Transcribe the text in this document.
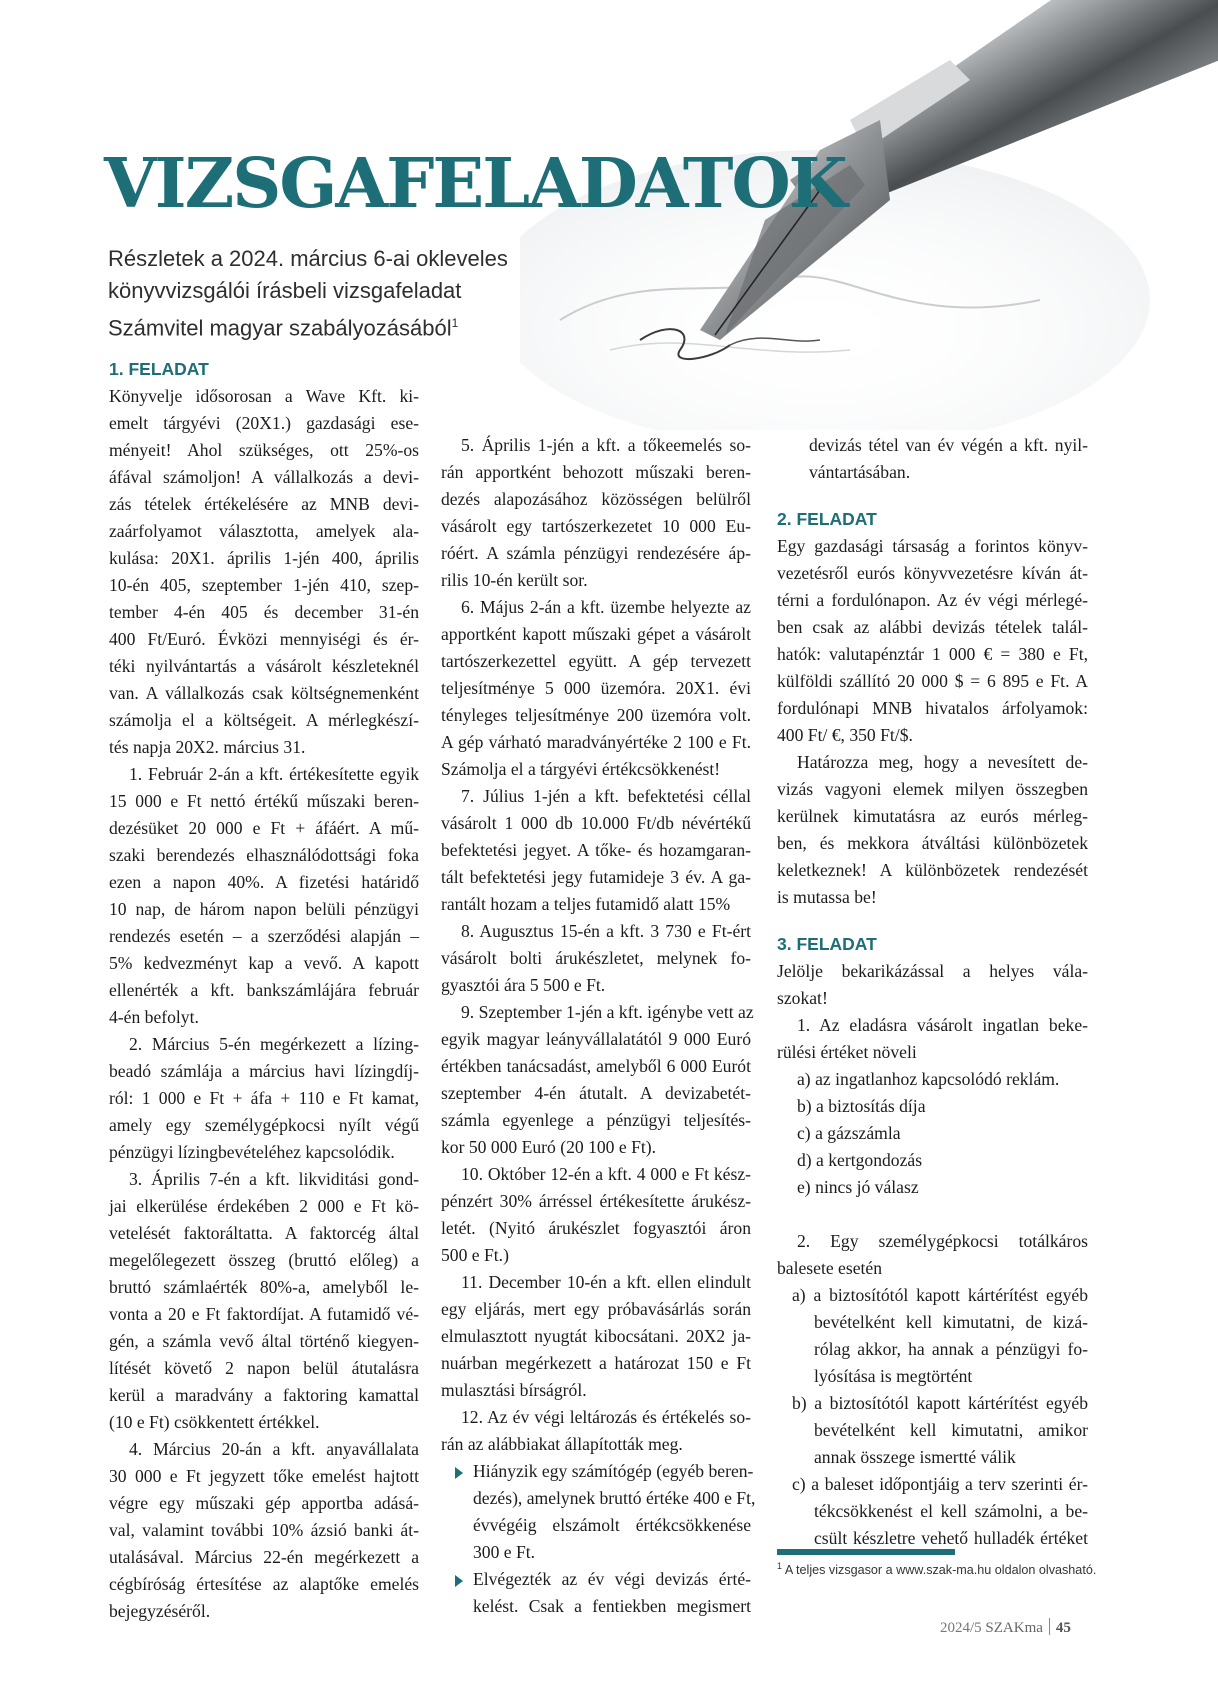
VIZSGAFELADATOK
Részletek a 2024. március 6-ai okleveles
könyvvizsgálói írásbeli vizsgafeladat
Számvitel magyar szabályozásából$^1$
1. FELADAT
Könyvelje idősorosan a Wave Kft. ki-
emelt tárgyévi (20X1.) gazdasági ese-
ményeit! Ahol szükséges, ott 25%-os
áfával számoljon! A vállalkozás a devi-
zás tételek értékelésére az MNB devi-
zaárfolyamot választotta, amelyek ala-
kulása: 20X1. április 1-jén 400, április
10-én 405, szeptember 1-jén 410, szep-
tember 4-én 405 és december 31-én
400 Ft/Euró. Évközi mennyiségi és ér-
téki nyilvántartás a vásárolt készleteknél
van. A vállalkozás csak költségnemenként
számolja el a költségeit. A mérlegkészí-
tés napja 20X2. március 31.
1. Február 2-án a kft. értékesítette egyik
15 000 e Ft nettó értékű műszaki beren-
dezésüket 20 000 e Ft + áfáért. A mű-
szaki berendezés elhasználódottsági foka
ezen a napon 40%. A fizetési határidő
10 nap, de három napon belüli pénzügyi
rendezés esetén – a szerződési alapján –
5% kedvezményt kap a vevő. A kapott
ellenérték a kft. bankszámlájára február
4-én befolyt.
2. Március 5-én megérkezett a lízing-
beadó számlája a március havi lízingdíj-
ról: 1 000 e Ft + áfa + 110 e Ft kamat,
amely egy személygépkocsi nyílt végű
pénzügyi lízingbevételéhez kapcsolódik.
3. Április 7-én a kft. likviditási gond-
jai elkerülése érdekében 2 000 e Ft kö-
vetelését faktoráltatta. A faktorcég által
megelőlegezett összeg (bruttó előleg) a
bruttó számlaérték 80%-a, amelyből le-
vonta a 20 e Ft faktordíjat. A futamidő vé-
gén, a számla vevő által történő kiegyen-
lítését követő 2 napon belül átutalásra
kerül a maradvány a faktoring kamattal
(10 e Ft) csökkentett értékkel.
4. Március 20-án a kft. anyavállalata
30 000 e Ft jegyzett tőke emelést hajtott
végre egy műszaki gép apportba adásá-
val, valamint további 10% ázsió banki át-
utalásával. Március 22-én megérkezett a
cégbíróság értesítése az alaptőke emelés
bejegyzéséről.
5. Április 1-jén a kft. a tőkeemelés so-
rán apportként behozott műszaki beren-
dezés alapozásához közösségen belülről
vásárolt egy tartószerkezetet 10 000 Eu-
róért. A számla pénzügyi rendezésére áp-
rilis 10-én került sor.
6. Május 2-án a kft. üzembe helyezte az
apportként kapott műszaki gépet a vásárolt
tartószerkezettel együtt. A gép tervezett
teljesítménye 5 000 üzemóra. 20X1. évi
tényleges teljesítménye 200 üzemóra volt.
A gép várható maradványértéke 2 100 e Ft.
Számolja el a tárgyévi értékcsökkenést!
7. Július 1-jén a kft. befektetési céllal
vásárolt 1 000 db 10.000 Ft/db névértékű
befektetési jegyet. A tőke- és hozamgaran-
tált befektetési jegy futamideje 3 év. A ga-
rantált hozam a teljes futamidő alatt 15%
8. Augusztus 15-én a kft. 3 730 e Ft-ért
vásárolt bolti árukészletet, melynek fo-
gyasztói ára 5 500 e Ft.
9. Szeptember 1-jén a kft. igénybe vett az
egyik magyar leányvállalatától 9 000 Euró
értékben tanácsadást, amelyből 6 000 Eurót
szeptember 4-én átutalt. A devizabetét-
számla egyenlege a pénzügyi teljesítés-
kor 50 000 Euró (20 100 e Ft).
10. Október 12-én a kft. 4 000 e Ft kész-
pénzért 30% árréssel értékesítette árukész-
letét. (Nyitó árukészlet fogyasztói áron
500 e Ft.)
11. December 10-én a kft. ellen elindult
egy eljárás, mert egy próbavásárlás során
elmulasztott nyugtát kibocsátani. 20X2 ja-
nuárban megérkezett a határozat 150 e Ft
mulasztási bírságról.
12. Az év végi leltározás és értékelés so-
rán az alábbiakat állapították meg.
Hiányzik egy számítógép (egyéb beren-
dezés), amelynek bruttó értéke 400 e Ft,
évvégéig elszámolt értékcsökkenése
300 e Ft.
Elvégezték az év végi devizás érté-
kelést. Csak a fentiekben megismert
devizás tétel van év végén a kft. nyil-
vántartásában.
2. FELADAT
Egy gazdasági társaság a forintos könyv-
vezetésről eurós könyvvezetésre kíván át-
térni a fordulónapon. Az év végi mérlegé-
ben csak az alábbi devizás tételek talál-
hatók: valutapénztár 1 000 € = 380 e Ft,
külföldi szállító 20 000 $ = 6 895 e Ft. A
fordulónapi MNB hivatalos árfolyamok:
400 Ft/ €, 350 Ft/$.
Határozza meg, hogy a nevesített de-
vizás vagyoni elemek milyen összegben
kerülnek kimutatásra az eurós mérleg-
ben, és mekkora átváltási különbözetek
keletkeznek! A különbözetek rendezését
is mutassa be!
3. FELADAT
Jelölje bekarikázással a helyes vála-
szokat!
1. Az eladásra vásárolt ingatlan beke-
rülési értéket növeli
a) az ingatlanhoz kapcsolódó reklám.
b) a biztosítás díja
c) a gázszámla
d) a kertgondozás
e) nincs jó válasz
2. Egy személygépkocsi totálkáros
balesete esetén
a) a biztosítótól kapott kártérítést egyéb
bevételként kell kimutatni, de kizá-
rólag akkor, ha annak a pénzügyi fo-
lyósítása is megtörtént
b) a biztosítótól kapott kártérítést egyéb
bevételként kell kimutatni, amikor
annak összege ismertté válik
c) a baleset időpontjáig a terv szerinti ér-
tékcsökkenést el kell számolni, a be-
csült készletre vehető hulladék értéket
$^1$ A teljes vizsgasor a www.szak-ma.hu oldalon olvasható.
2024/5 SZAKma 45
